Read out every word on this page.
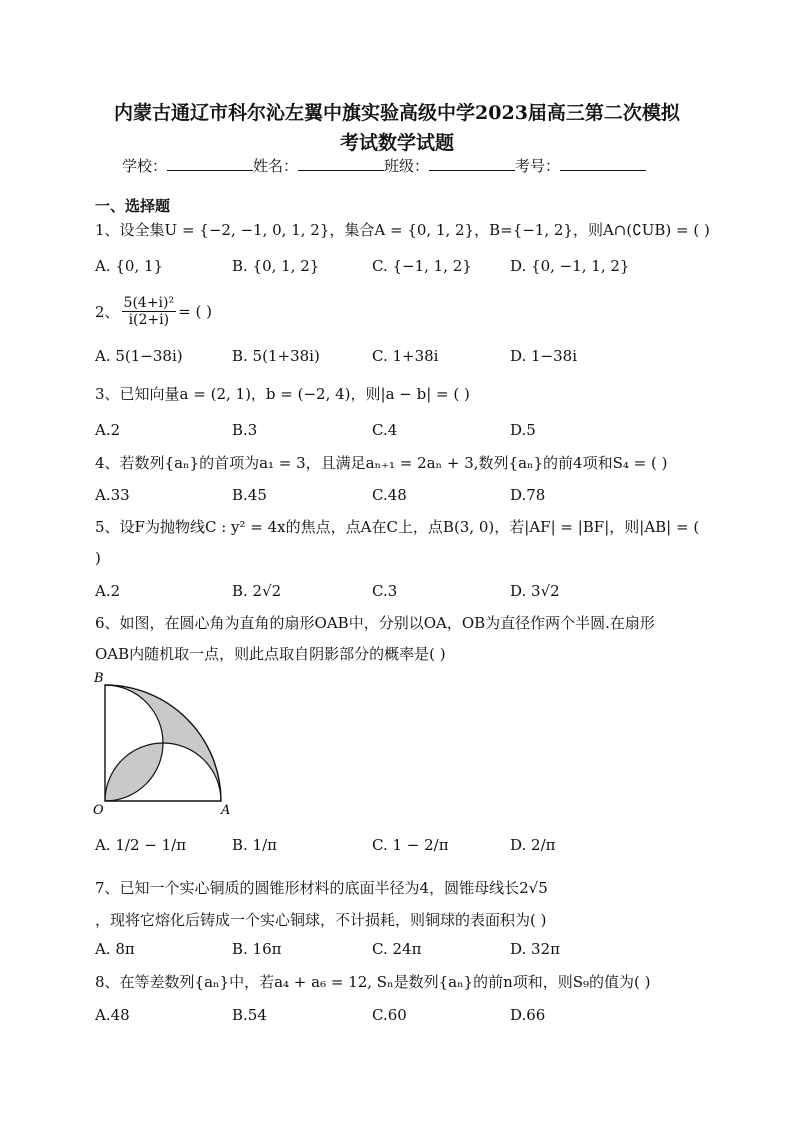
内蒙古通辽市科尔沁左翼中旗实验高级中学2023届高三第二次模拟
考试数学试题
学校：	姓名：	班级：	考号：
一、选择题
1、设全集U = {−2, −1, 0, 1, 2}，集合A = {0, 1, 2}，B={−1, 2}，则A∩(∁UB) = ( )
A. {0, 1}	B. {0, 1, 2}	C. {−1, 1, 2}	D. {0, −1, 1, 2}
2、 $\frac{\text{5(4+i)²}}{i(2+i)}$ = ( )
A. 5(1−38i)	B. 5(1+38i)	C. 1+38i	D. 1−38i
3、已知向量a = (2, 1)，b = (−2, 4)，则|a − b| = ( )
A.2	B.3	C.4	D.5
4、若数列{aₙ}的首项为a₁ = 3，且满足aₙ₊₁ = 2aₙ + 3,数列{aₙ}的前4项和S₄ = ( )
A.33	B.45	C.48	D.78
5、设F为抛物线C : y² = 4x的焦点，点A在C上，点B(3, 0)，若|AF| = |BF|，则|AB| = (
)
A.2	B. 2√2	C.3	D. 3√2
6、如图，在圆心角为直角的扇形OAB中，分别以OA，OB为直径作两个半圆.在扇形
OAB内随机取一点，则此点取自阴影部分的概率是( )
B
O	A
A. 1/2 − 1/π	B. 1/π	C. 1 − 2/π	D. 2/π
7、已知一个实心铜质的圆锥形材料的底面半径为4，圆锥母线长2√5
，现将它熔化后铸成一个实心铜球，不计损耗，则铜球的表面积为( )
A. 8π	B. 16π	C. 24π	D. 32π
8、在等差数列{aₙ}中，若a₄ + a₆ = 12, Sₙ是数列{aₙ}的前n项和，则S₉的值为( )
A.48	B.54	C.60	D.66
